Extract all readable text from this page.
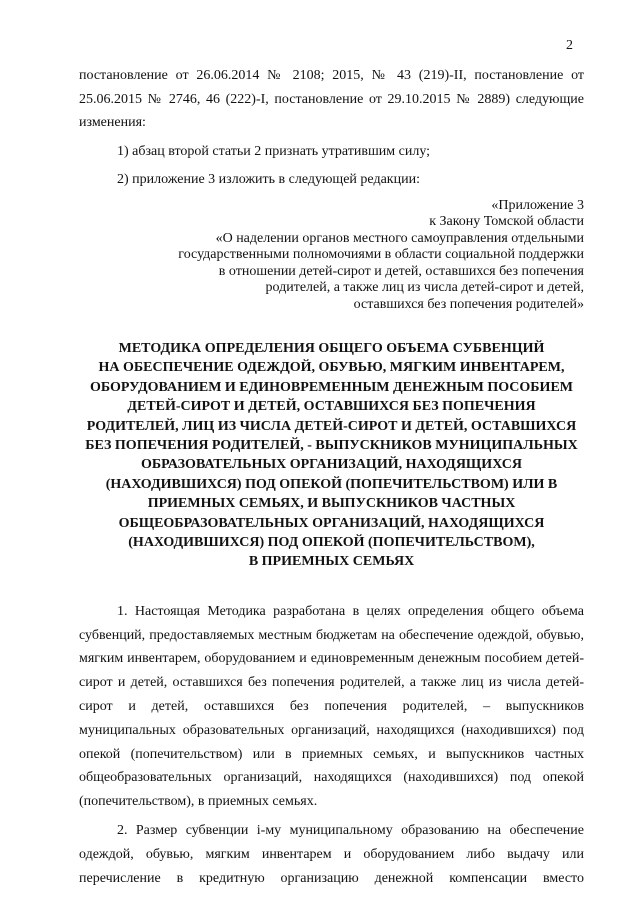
2

постановление от 26.06.2014 № 2108; 2015, № 43 (219)-II, постановление от

25.06.2015 № 2746, 46 (222)-I, постановление от 29.10.2015 № 2889) следующие

изменения:

1) абзац второй статьи 2 признать утратившим силу;

2) приложение 3 изложить в следующей редакции:

«Приложение 3
к Закону Томской области
«О наделении органов местного самоуправления отдельными
государственными полномочиями в области социальной поддержки
в отношении детей-сирот и детей, оставшихся без попечения
родителей, а также лиц из числа детей-сирот и детей,
оставшихся без попечения родителей»
МЕТОДИКА ОПРЕДЕЛЕНИЯ ОБЩЕГО ОБЪЕМА СУБВЕНЦИЙ
НА ОБЕСПЕЧЕНИЕ ОДЕЖДОЙ, ОБУВЬЮ, МЯГКИМ ИНВЕНТАРЕМ,
ОБОРУДОВАНИЕМ И ЕДИНОВРЕМЕННЫМ ДЕНЕЖНЫМ ПОСОБИЕМ
ДЕТЕЙ-СИРОТ И ДЕТЕЙ, ОСТАВШИХСЯ БЕЗ ПОПЕЧЕНИЯ
РОДИТЕЛЕЙ, ЛИЦ ИЗ ЧИСЛА ДЕТЕЙ-СИРОТ И ДЕТЕЙ, ОСТАВШИХСЯ
БЕЗ ПОПЕЧЕНИЯ РОДИТЕЛЕЙ, - ВЫПУСКНИКОВ МУНИЦИПАЛЬНЫХ
ОБРАЗОВАТЕЛЬНЫХ ОРГАНИЗАЦИЙ, НАХОДЯЩИХСЯ
(НАХОДИВШИХСЯ) ПОД ОПЕКОЙ (ПОПЕЧИТЕЛЬСТВОМ) ИЛИ В
ПРИЕМНЫХ СЕМЬЯХ, И ВЫПУСКНИКОВ ЧАСТНЫХ
ОБЩЕОБРАЗОВАТЕЛЬНЫХ ОРГАНИЗАЦИЙ, НАХОДЯЩИХСЯ
(НАХОДИВШИХСЯ) ПОД ОПЕКОЙ (ПОПЕЧИТЕЛЬСТВОМ),
В ПРИЕМНЫХ СЕМЬЯХ

1. Настоящая Методика разработана в целях определения общего объема субвенций, предоставляемых местным бюджетам на обеспечение одеждой, обувью, мягким инвентарем, оборудованием и единовременным денежным пособием детей-сирот и детей, оставшихся без попечения родителей, а также лиц из числа детей-сирот и детей, оставшихся без попечения родителей, – выпускников муниципальных образовательных организаций, находящихся (находившихся) под опекой (попечительством) или в приемных семьях, и выпускников частных общеобразовательных организаций, находящихся (находившихся) под опекой (попечительством), в приемных семьях.

2. Размер субвенции i-му муниципальному образованию на обеспечение одеждой, обувью, мягким инвентарем и оборудованием либо выдачу или перечисление в кредитную организацию денежной компенсации вместо
